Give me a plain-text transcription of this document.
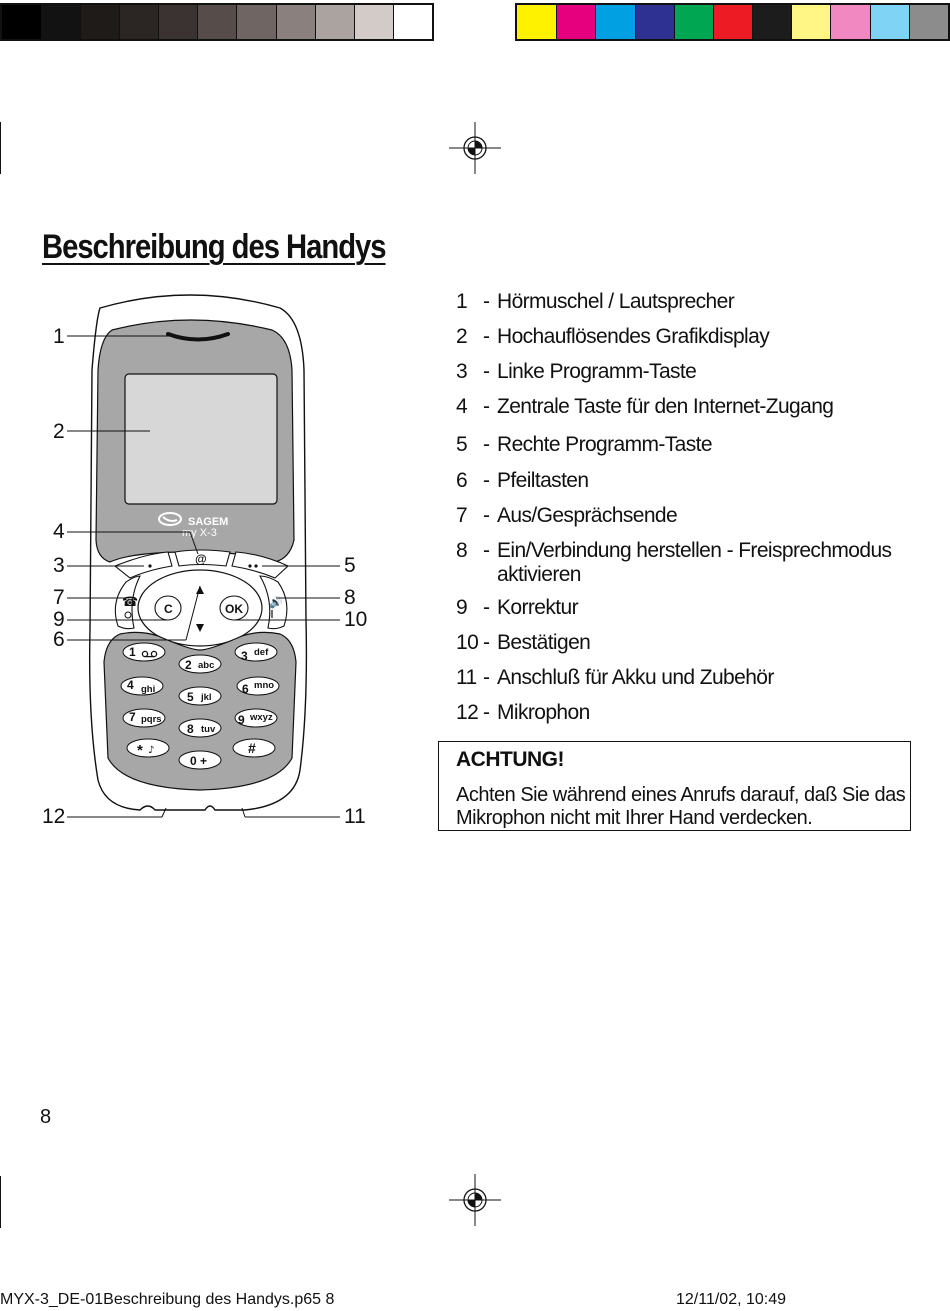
Beschreibung des Handys
SAGEM
my X-3
@
☎	🔊
C	OK
1
2 abc
3 def
4 ghi
5 jkl
6 mno
7 pqrs
8 tuv
9 wxyz
* ♪
0 +
#
1
2
4
3
7
9
6
5
8
10
12	11
1 - Hörmuschel / Lautsprecher
2 - Hochauflösendes Grafikdisplay
3 - Linke Programm-Taste
4 - Zentrale Taste für den Internet-Zugang
5 - Rechte Programm-Taste
6 - Pfeiltasten
7 - Aus/Gesprächsende
8 - Ein/Verbindung herstellen - Freisprechmodus aktivieren
9 - Korrektur
10 - Bestätigen
11 - Anschluß für Akku und Zubehör
12 - Mikrophon
ACHTUNG!
Achten Sie während eines Anrufs darauf, daß Sie das Mikrophon nicht mit Ihrer Hand verdecken.
8
MYX-3_DE-01Beschreibung des Handys.p65 8	12/11/02, 10:49
